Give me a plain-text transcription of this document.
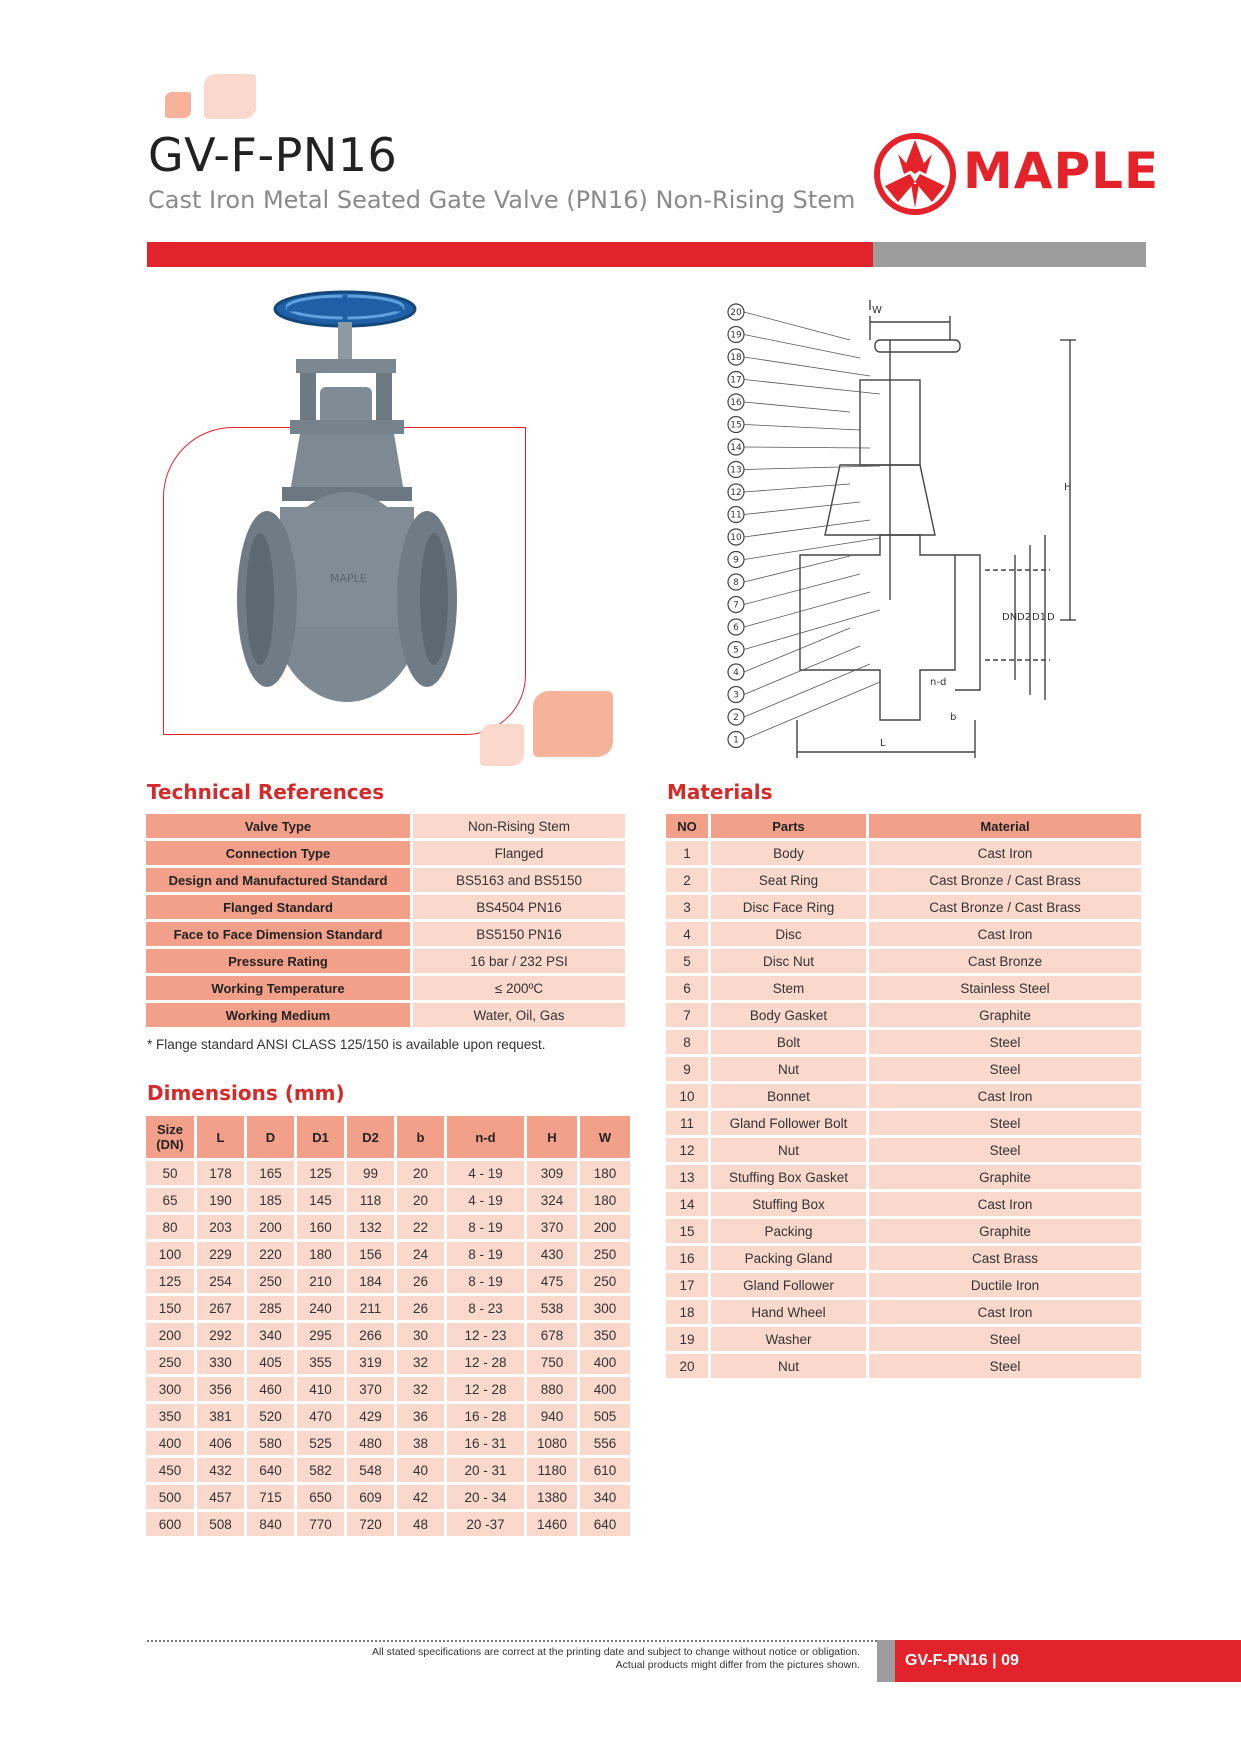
GV-F-PN16
Cast Iron Metal Seated Gate Valve (PN16) Non-Rising Stem MAPLE
MAPLE
W
H
L
DN D2 D1 D
n-d
b
20
19
18
17
16
15
14
13
12
11
10
9
8
7
6
5
4
3
2
1
Technical References
Valve Type	Non-Rising Stem
Connection Type	Flanged
Design and Manufactured Standard	BS5163 and BS5150
Flanged Standard	BS4504 PN16
Face to Face Dimension Standard	BS5150 PN16
Pressure Rating	16 bar / 232 PSI
Working Temperature	≤ 200ºC
Working Medium	Water, Oil, Gas
* Flange standard ANSI CLASS 125/150 is available upon request.
Dimensions (mm)
Size (DN)	L	D	D1	D2	b	n-d	H	W
50	178	165	125	99	20	4 - 19	309	180
65	190	185	145	118	20	4 - 19	324	180
80	203	200	160	132	22	8 - 19	370	200
100	229	220	180	156	24	8 - 19	430	250
125	254	250	210	184	26	8 - 19	475	250
150	267	285	240	211	26	8 - 23	538	300
200	292	340	295	266	30	12 - 23	678	350
250	330	405	355	319	32	12 - 28	750	400
300	356	460	410	370	32	12 - 28	880	400
350	381	520	470	429	36	16 - 28	940	505
400	406	580	525	480	38	16 - 31	1080	556
450	432	640	582	548	40	20 - 31	1180	610
500	457	715	650	609	42	20 - 34	1380	340
600	508	840	770	720	48	20 -37	1460	640
Materials
NO	Parts	Material
1	Body	Cast Iron
2	Seat Ring	Cast Bronze / Cast Brass
3	Disc Face Ring	Cast Bronze / Cast Brass
4	Disc	Cast Iron
5	Disc Nut	Cast Bronze
6	Stem	Stainless Steel
7	Body Gasket	Graphite
8	Bolt	Steel
9	Nut	Steel
10	Bonnet	Cast Iron
11	Gland Follower Bolt	Steel
12	Nut	Steel
13	Stuffing Box Gasket	Graphite
14	Stuffing Box	Cast Iron
15	Packing	Graphite
16	Packing Gland	Cast Brass
17	Gland Follower	Ductile Iron
18	Hand Wheel	Cast Iron
19	Washer	Steel
20	Nut	Steel
All stated specifications are correct at the printing date and subject to change without notice or obligation.
Actual products might differ from the pictures shown.	GV-F-PN16 | 09
